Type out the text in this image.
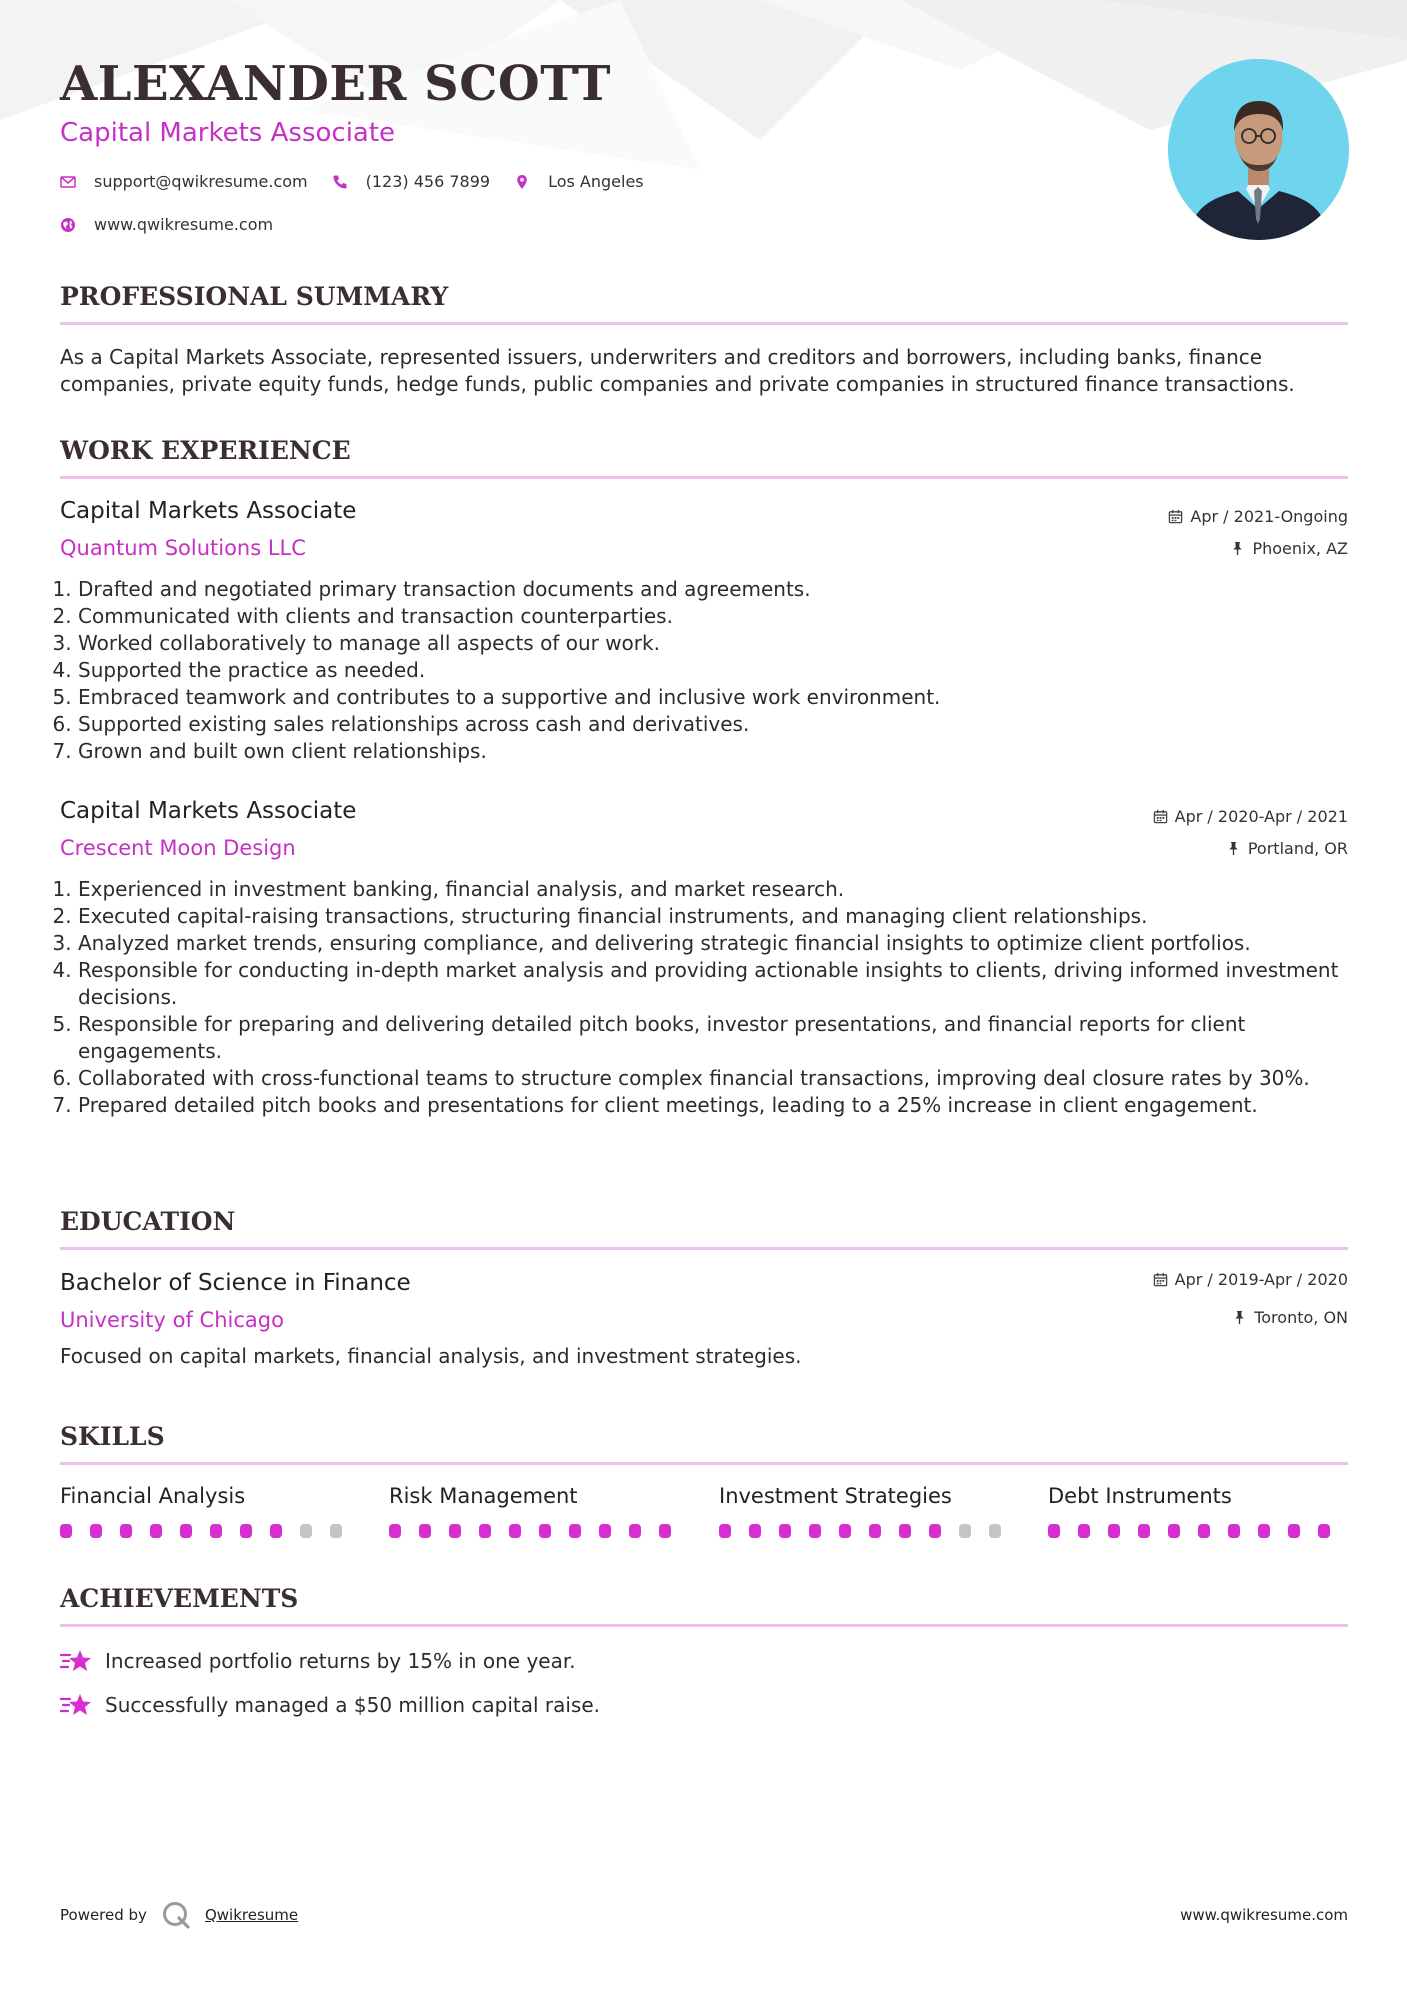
ALEXANDER SCOTT
Capital Markets Associate
support@qwikresume.com	(123) 456 7899	Los Angeles
www.qwikresume.com
PROFESSIONAL SUMMARY
As a Capital Markets Associate, represented issuers, underwriters and creditors and borrowers, including banks, finance companies, private equity funds, hedge funds, public companies and private companies in structured finance transactions.
WORK EXPERIENCE
Capital Markets Associate
Quantum Solutions LLC
Apr / 2021-Ongoing
Phoenix, AZ
1. Drafted and negotiated primary transaction documents and agreements.
2. Communicated with clients and transaction counterparties.
3. Worked collaboratively to manage all aspects of our work.
4. Supported the practice as needed.
5. Embraced teamwork and contributes to a supportive and inclusive work environment.
6. Supported existing sales relationships across cash and derivatives.
7. Grown and built own client relationships.
Capital Markets Associate
Crescent Moon Design
Apr / 2020-Apr / 2021
Portland, OR
1. Experienced in investment banking, financial analysis, and market research.
2. Executed capital-raising transactions, structuring financial instruments, and managing client relationships.
3. Analyzed market trends, ensuring compliance, and delivering strategic financial insights to optimize client portfolios.
4. Responsible for conducting in-depth market analysis and providing actionable insights to clients, driving informed investment decisions.
5. Responsible for preparing and delivering detailed pitch books, investor presentations, and financial reports for client engagements.
6. Collaborated with cross-functional teams to structure complex financial transactions, improving deal closure rates by 30%.
7. Prepared detailed pitch books and presentations for client meetings, leading to a 25% increase in client engagement.
EDUCATION
Bachelor of Science in Finance
University of Chicago
Apr / 2019-Apr / 2020
Toronto, ON
Focused on capital markets, financial analysis, and investment strategies.
SKILLS
Financial Analysis	Risk Management	Investment Strategies	Debt Instruments
ACHIEVEMENTS
Increased portfolio returns by 15% in one year.
Successfully managed a $50 million capital raise.
Powered by	Qwikresume	www.qwikresume.com
